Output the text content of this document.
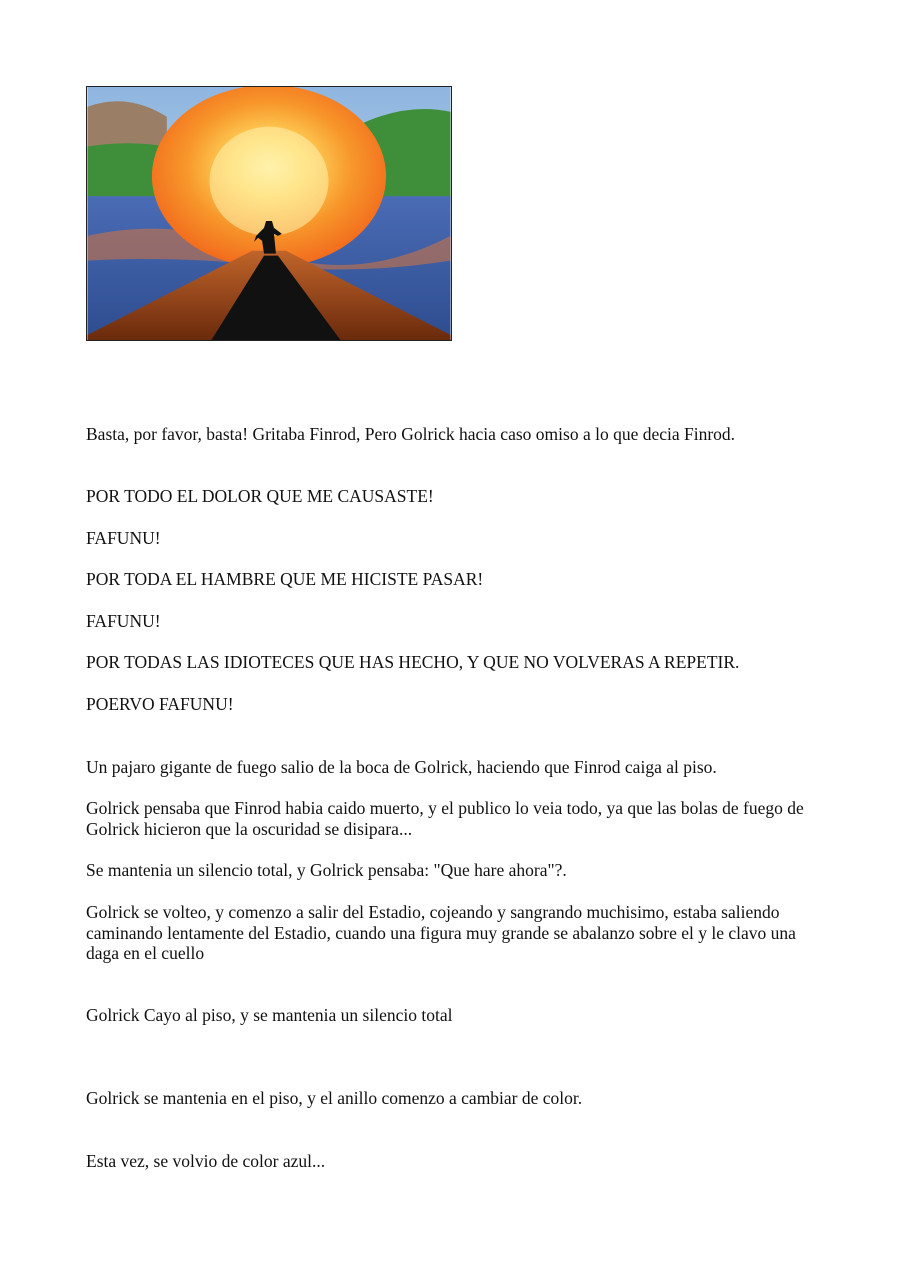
Basta, por favor, basta! Gritaba Finrod, Pero Golrick hacia caso omiso a lo que decia Finrod.

POR TODO EL DOLOR QUE ME CAUSASTE!

FAFUNU!

POR TODA EL HAMBRE QUE ME HICISTE PASAR!

FAFUNU!

POR TODAS LAS IDIOTECES QUE HAS HECHO, Y QUE NO VOLVERAS A REPETIR.

POERVO FAFUNU!

Un pajaro gigante de fuego salio de la boca de Golrick, haciendo que Finrod caiga al piso.

Golrick pensaba que Finrod habia caido muerto, y el publico lo veia todo, ya que las bolas de fuego de Golrick hicieron que la oscuridad se disipara...

Se mantenia un silencio total, y Golrick pensaba: "Que hare ahora"?.

Golrick se volteo, y comenzo a salir del Estadio, cojeando y sangrando muchisimo, estaba saliendo caminando lentamente del Estadio, cuando una figura muy grande se abalanzo sobre el y le clavo una daga en el cuello

Golrick Cayo al piso, y se mantenia un silencio total

Golrick se mantenia en el piso, y el anillo comenzo a cambiar de color.

Esta vez, se volvio de color azul...
